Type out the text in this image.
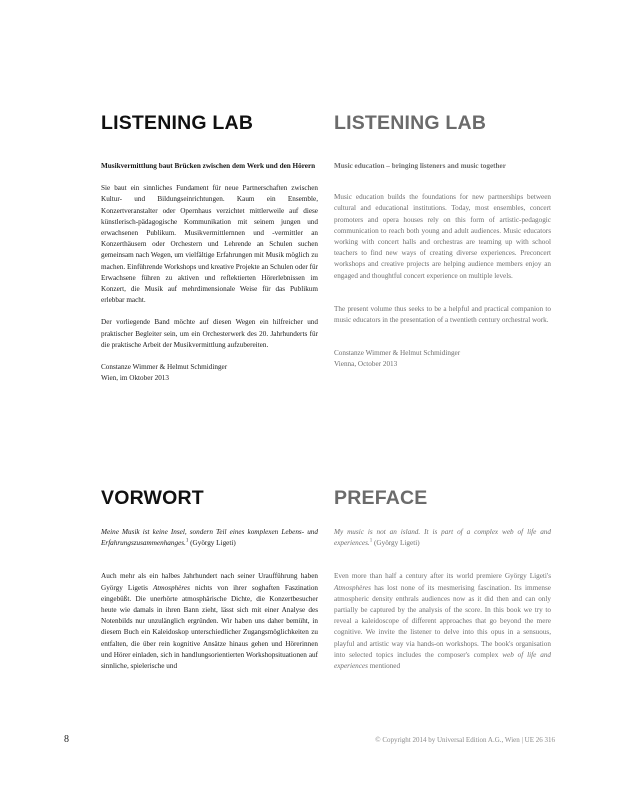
LISTENING LAB

Musikvermittlung baut Brücken zwischen dem Werk und den Hörern

Sie baut ein sinnliches Fundament für neue Partnerschaften zwischen Kultur- und Bildungseinrichtungen. Kaum ein Ensemble, Konzertveranstalter oder Opernhaus verzichtet mittlerweile auf diese künstlerisch-pädagogische Kommunikation mit seinem jungen und erwachsenen Publikum. Musikvermittlernnen und -vermittler an Konzerthäusern oder Orchestern und Lehrende an Schulen suchen gemeinsam nach Wegen, um vielfältige Erfahrungen mit Musik möglich zu machen. Einführende Workshops und kreative Projekte an Schulen oder für Erwachsene führen zu aktiven und reflektierten Hörerlebnissen im Konzert, die Musik auf mehrdimensionale Weise für das Publikum erlebbar macht.

Der vorliegende Band möchte auf diesen Wegen ein hilfreicher und praktischer Begleiter sein, um ein Orchesterwerk des 20. Jahrhunderts für die praktische Arbeit der Musikvermittlung aufzubereiten.

Constanze Wimmer & Helmut Schmidinger

Wien, im Oktober 2013

LISTENING LAB

Music education – bringing listeners and music together

Music education builds the foundations for new partnerships between cultural and educational institutions. Today, most ensembles, concert promoters and opera houses rely on this form of artistic-pedagogic communication to reach both young and adult audiences. Music educators working with concert halls and orchestras are teaming up with school teachers to find new ways of creating diverse experiences. Preconcert workshops and creative projects are helping audience members enjoy an engaged and thoughtful concert experience on multiple levels.

The present volume thus seeks to be a helpful and practical companion to music educators in the presentation of a twentieth century orchestral work.

Constanze Wimmer & Helmut Schmidinger

Vienna, October 2013

VORWORT

Meine Musik ist keine Insel, sondern Teil eines komplexen Lebens- und Erfahrungszusammenhanges.$^1$ (György Ligeti)

Auch mehr als ein halbes Jahrhundert nach seiner Uraufführung haben György Ligetis Atmosphères nichts von ihrer soghaften Faszination eingebüßt. Die unerhörte atmosphärische Dichte, die Konzertbesucher heute wie damals in ihren Bann zieht, lässt sich mit einer Analyse des Notenbilds nur unzulänglich ergründen. Wir haben uns daher bemüht, in diesem Buch ein Kaleidoskop unterschiedlicher Zugangsmöglichkeiten zu entfalten, die über rein kognitive Ansätze hinaus gehen und Hörerinnen und Hörer einladen, sich in handlungsorientierten Workshopsituationen auf sinnliche, spielerische und

PREFACE

My music is not an island. It is part of a complex web of life and experiences.$^1$ (György Ligeti)

Even more than half a century after its world premiere György Ligeti's Atmosphères has lost none of its mesmerising fascination. Its immense atmospheric density enthrals audiences now as it did then and can only partially be captured by the analysis of the score. In this book we try to reveal a kaleidoscope of different approaches that go beyond the mere cognitive. We invite the listener to delve into this opus in a sensuous, playful and artistic way via hands-on workshops. The book's organisation into selected topics includes the composer's complex web of life and experiences mentioned

8	© Copyright 2014 by Universal Edition A.G., Wien | UE 26 316
